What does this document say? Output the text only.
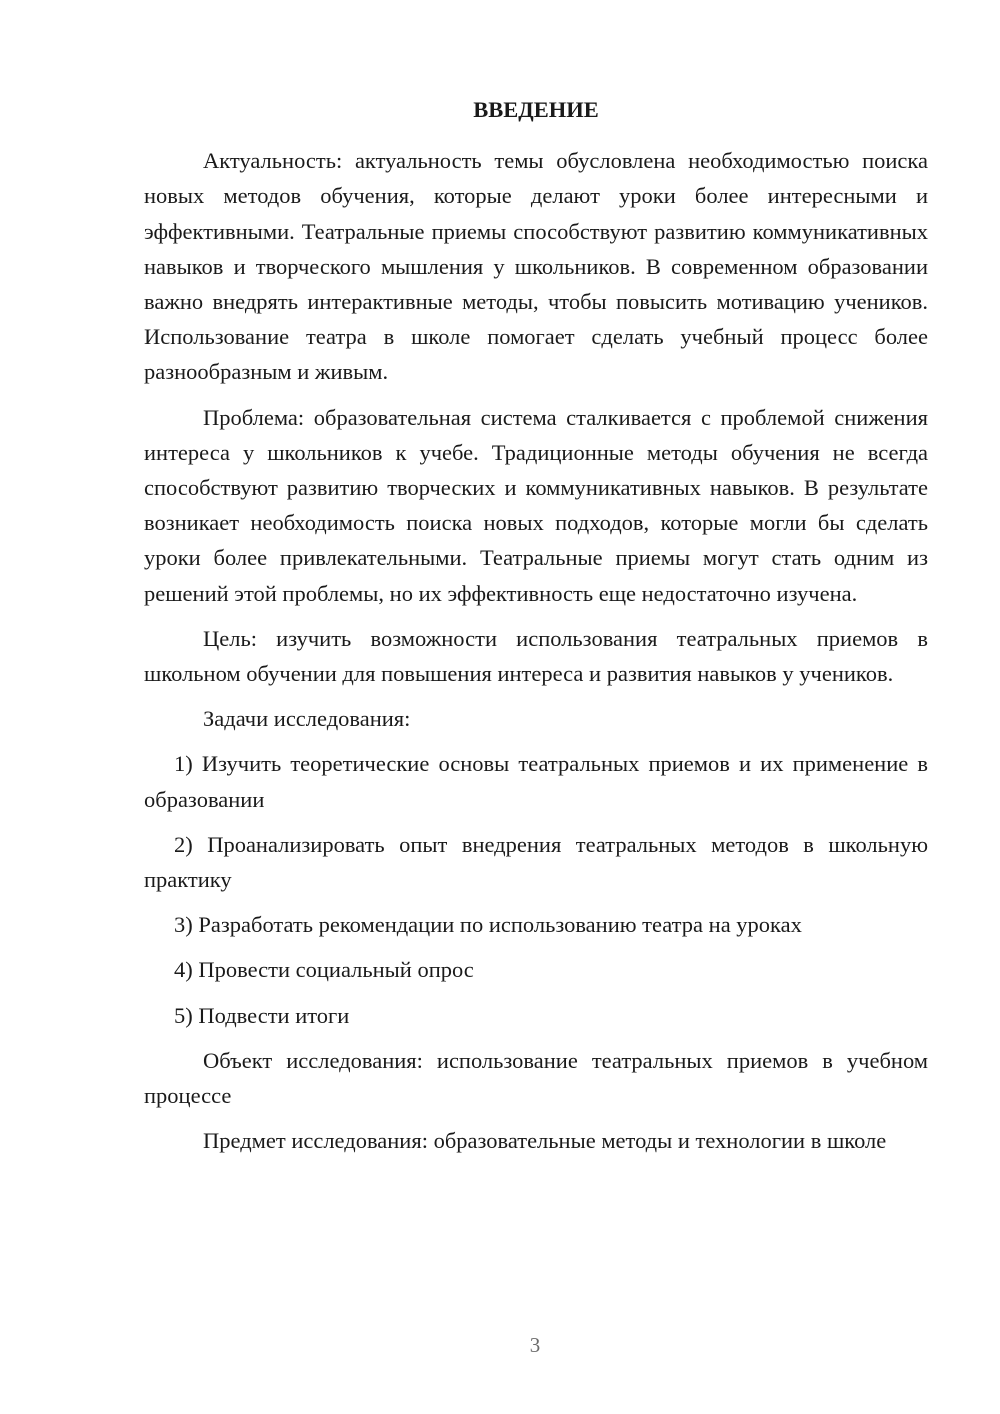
ВВЕДЕНИЕ

Актуальность: актуальность темы обусловлена необходимостью поиска новых методов обучения, которые делают уроки более интересными и эффективными. Театральные приемы способствуют развитию коммуникативных навыков и творческого мышления у школьников. В современном образовании важно внедрять интерактивные методы, чтобы повысить мотивацию учеников. Использование театра в школе помогает сделать учебный процесс более разнообразным и живым.

Проблема: образовательная система сталкивается с проблемой снижения интереса у школьников к учебе. Традиционные методы обучения не всегда способствуют развитию творческих и коммуникативных навыков. В результате возникает необходимость поиска новых подходов, которые могли бы сделать уроки более привлекательными. Театральные приемы могут стать одним из решений этой проблемы, но их эффективность еще недостаточно изучена.

Цель: изучить возможности использования театральных приемов в школьном обучении для повышения интереса и развития навыков у учеников.

Задачи исследования:

1) Изучить теоретические основы театральных приемов и их применение в образовании

2) Проанализировать опыт внедрения театральных методов в школьную практику

3) Разработать рекомендации по использованию театра на уроках

4) Провести социальный опрос

5) Подвести итоги

Объект исследования: использование театральных приемов в учебном процессе

Предмет исследования: образовательные методы и технологии в школе

3
